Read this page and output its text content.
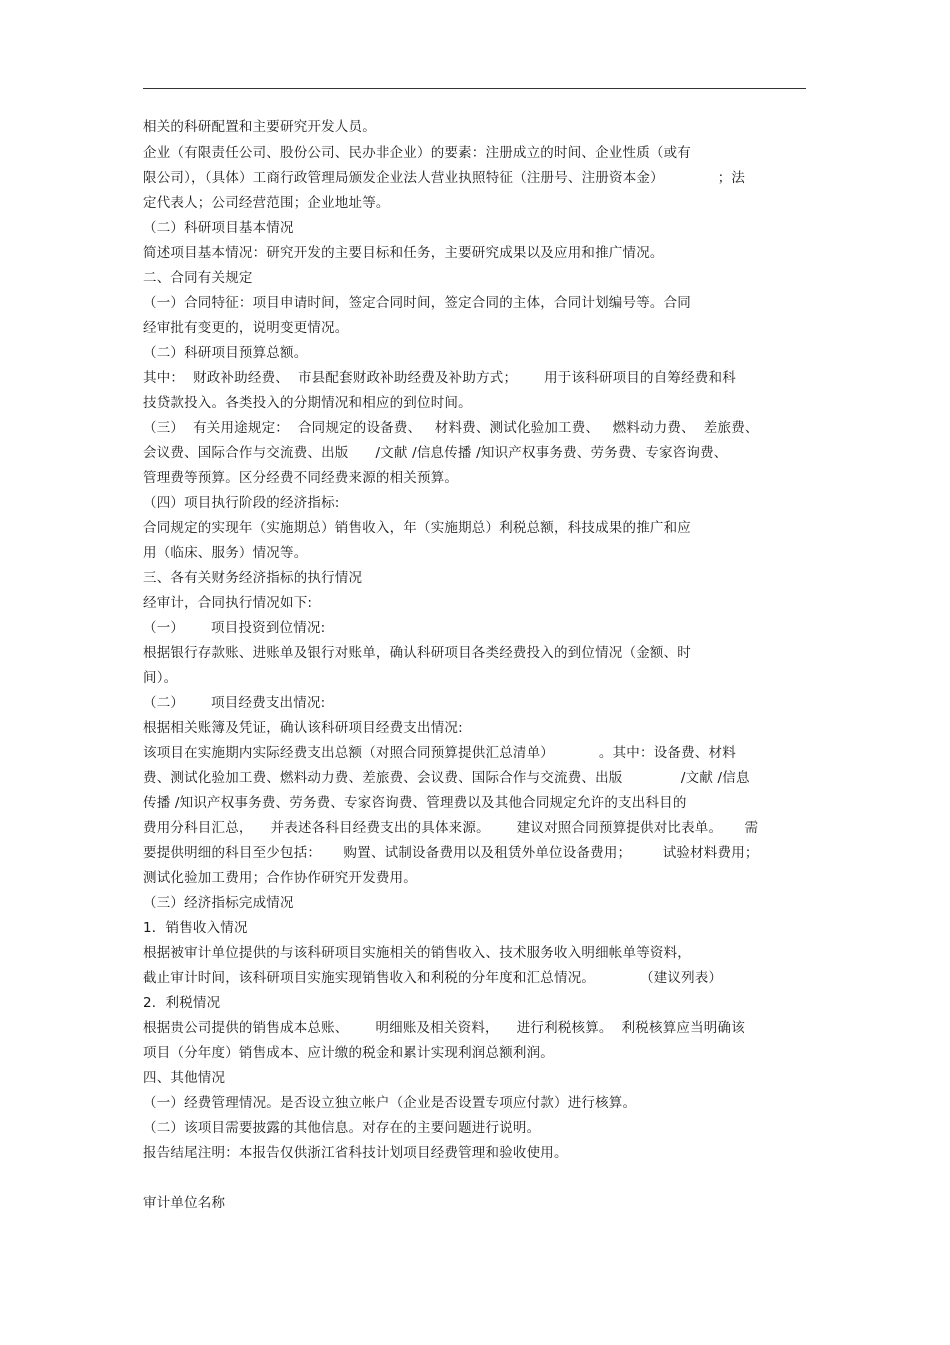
相关的科研配置和主要研究开发人员。
企业（有限责任公司、股份公司、民办非企业）的要素：注册成立的时间、企业性质（或有
限公司），（具体）工商行政管理局颁发企业法人营业执照特征（注册号、注册资本金）            ；法
定代表人；公司经营范围；企业地址等。
（二）科研项目基本情况
简述项目基本情况：研究开发的主要目标和任务，主要研究成果以及应用和推广情况。
二、合同有关规定
（一）合同特征：项目申请时间，签定合同时间，签定合同的主体，合同计划编号等。合同
经审批有变更的，说明变更情况。
（二）科研项目预算总额。
其中：  财政补助经费、  市县配套财政补助经费及补助方式；      用于该科研项目的自筹经费和科
技贷款投入。各类投入的分期情况和相应的到位时间。
（三）  有关用途规定：  合同规定的设备费、   材料费、测试化验加工费、   燃料动力费、  差旅费、
会议费、国际合作与交流费、出版      /文献 /信息传播 /知识产权事务费、劳务费、专家咨询费、
管理费等预算。区分经费不同经费来源的相关预算。
（四）项目执行阶段的经济指标:
合同规定的实现年（实施期总）销售收入，年（实施期总）利税总额，科技成果的推广和应
用（临床、服务）情况等。
三、各有关财务经济指标的执行情况
经审计，合同执行情况如下:
（一）      项目投资到位情况:
根据银行存款账、进账单及银行对账单，确认科研项目各类经费投入的到位情况（金额、时
间）。
（二）      项目经费支出情况:
根据相关账簿及凭证，确认该科研项目经费支出情况:
该项目在实施期内实际经费支出总额（对照合同预算提供汇总清单）          。其中：设备费、材料
费、测试化验加工费、燃料动力费、差旅费、会议费、国际合作与交流费、出版             /文献 /信息
传播 /知识产权事务费、劳务费、专家咨询费、管理费以及其他合同规定允许的支出科目的
费用分科目汇总，    并表述各科目经费支出的具体来源。      建议对照合同预算提供对比表单。     需
要提供明细的科目至少包括：     购置、试制设备费用以及租赁外单位设备费用；       试验材料费用；
测试化验加工费用；合作协作研究开发费用。
（三）经济指标完成情况
1．销售收入情况
根据被审计单位提供的与该科研项目实施相关的销售收入、技术服务收入明细帐单等资料，
截止审计时间，该科研项目实施实现销售收入和利税的分年度和汇总情况。          （建议列表）
2．利税情况
根据贵公司提供的销售成本总账、      明细账及相关资料，    进行利税核算。  利税核算应当明确该
项目（分年度）销售成本、应计缴的税金和累计实现利润总额利润。
四、其他情况
（一）经费管理情况。是否设立独立帐户（企业是否设置专项应付款）进行核算。
（二）该项目需要披露的其他信息。对存在的主要问题进行说明。
报告结尾注明：本报告仅供浙江省科技计划项目经费管理和验收使用。
审计单位名称
